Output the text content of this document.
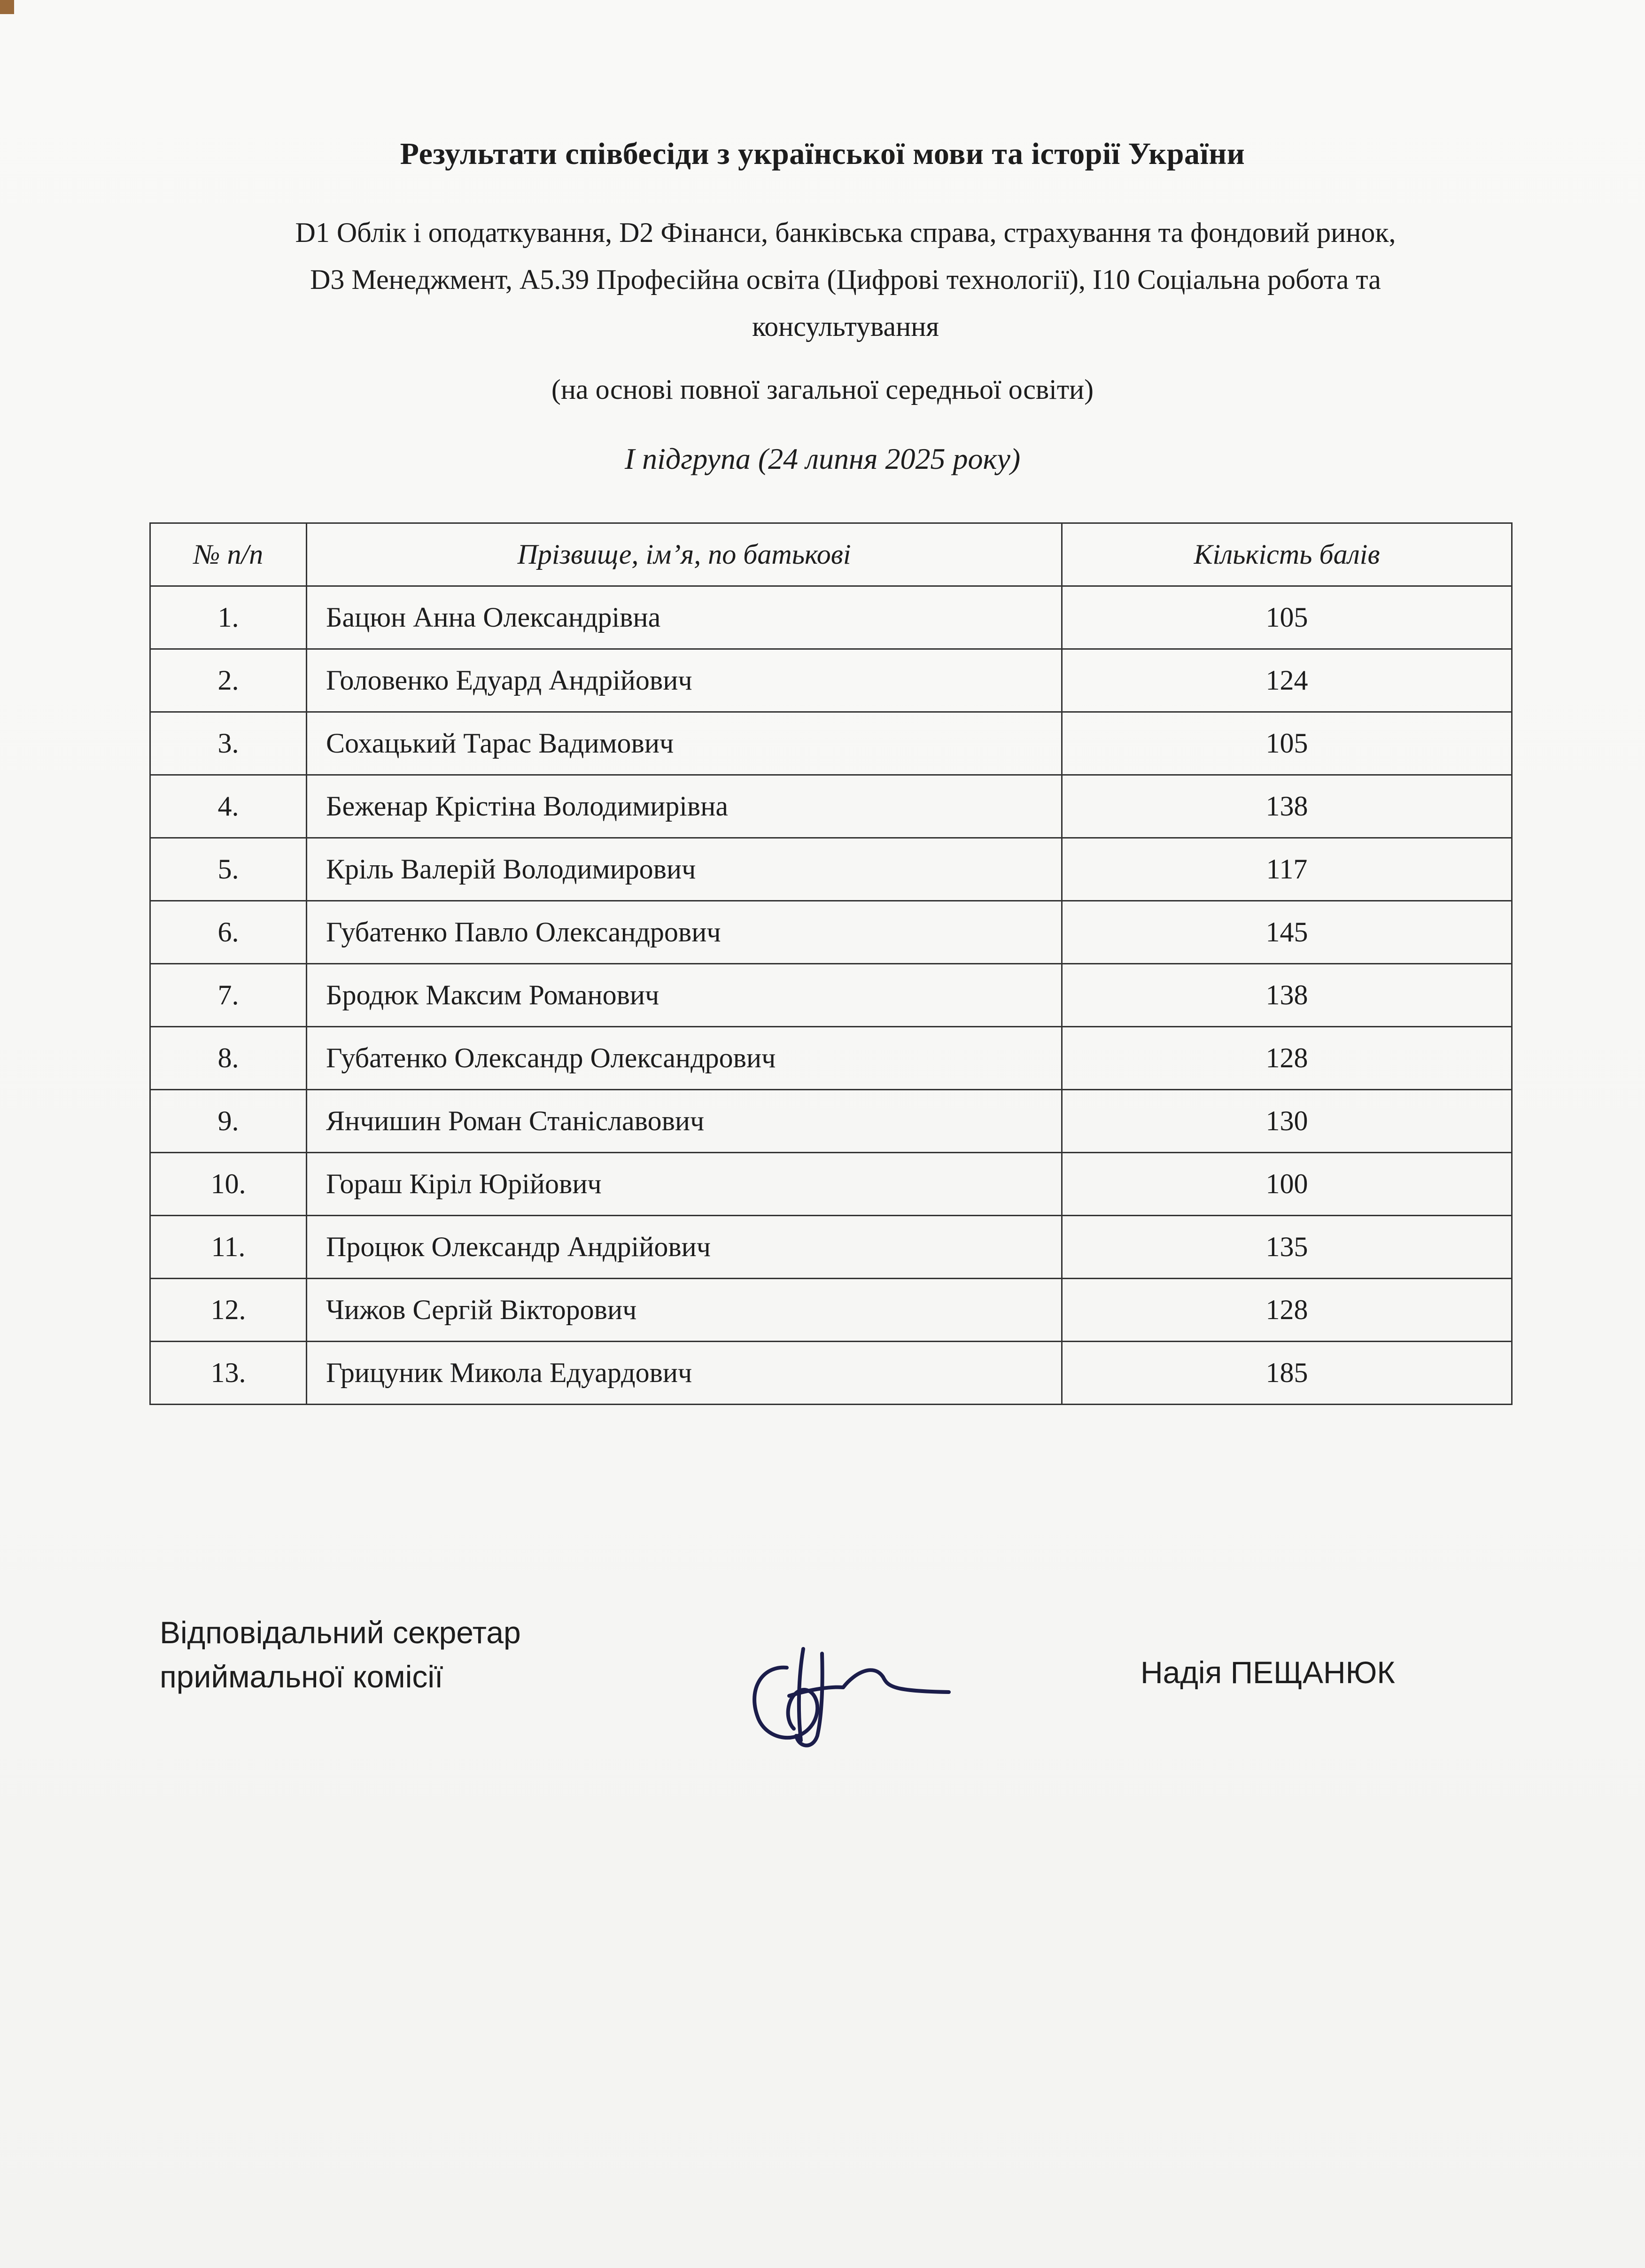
Результати співбесіди з української мови та історії України
D1 Облік і оподаткування, D2 Фінанси, банківська справа, страхування та фондовий ринок,
D3 Менеджмент, А5.39 Професійна освіта (Цифрові технології), І10 Соціальна робота та
консультування
(на основі повної загальної середньої освіти)
І підгрупа (24 липня 2025 року)
№ п/п	Прізвище, ім’я, по батькові	Кількість балів
1.	Бацюн Анна Олександрівна	105
2.	Головенко Едуард Андрійович	124
3.	Сохацький Тарас Вадимович	105
4.	Беженар Крістіна Володимирівна	138
5.	Кріль Валерій Володимирович	117
6.	Губатенко Павло Олександрович	145
7.	Бродюк Максим Романович	138
8.	Губатенко Олександр Олександрович	128
9.	Янчишин Роман Станіславович	130
10.	Гораш Кіріл Юрійович	100
11.	Процюк Олександр Андрійович	135
12.	Чижов Сергій Вікторович	128
13.	Грицуник Микола Едуардович	185
Відповідальний секретар
приймальної комісії	Надія ПЕЩАНЮК
